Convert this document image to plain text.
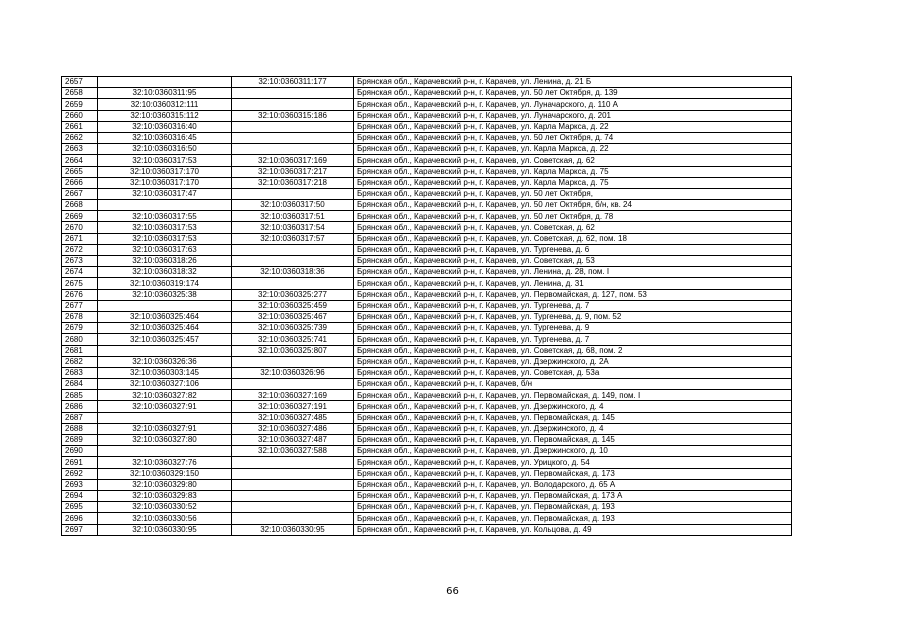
2657		32:10:0360311:177	Брянская обл., Карачевский р-н, г. Карачев, ул. Ленина, д. 21 Б
2658	32:10:0360311:95		Брянская обл., Карачевский р-н, г. Карачев, ул. 50 лет Октября, д. 139
2659	32:10:0360312:111		Брянская обл., Карачевский р-н, г. Карачев, ул. Луначарского, д. 110 А
2660	32:10:0360315:112	32:10:0360315:186	Брянская обл., Карачевский р-н, г. Карачев, ул. Луначарского, д. 201
2661	32:10:0360316:40		Брянская обл., Карачевский р-н, г. Карачев, ул. Карла Маркса, д. 22
2662	32:10:0360316:45		Брянская обл., Карачевский р-н, г. Карачев, ул. 50 лет Октября, д. 74
2663	32:10:0360316:50		Брянская обл., Карачевский р-н, г. Карачев, ул. Карла Маркса, д. 22
2664	32:10:0360317:53	32:10:0360317:169	Брянская обл., Карачевский р-н, г. Карачев, ул. Советская, д. 62
2665	32:10:0360317:170	32:10:0360317:217	Брянская обл., Карачевский р-н, г. Карачев, ул. Карла Маркса, д. 75
2666	32:10:0360317:170	32:10:0360317:218	Брянская обл., Карачевский р-н, г. Карачев, ул. Карла Маркса, д. 75
2667	32:10:0360317:47		Брянская обл., Карачевский р-н, г. Карачев, ул. 50 лет Октября,
2668		32:10:0360317:50	Брянская обл., Карачевский р-н, г. Карачев, ул. 50 лет Октября, б/н, кв. 24
2669	32:10:0360317:55	32:10:0360317:51	Брянская обл., Карачевский р-н, г. Карачев, ул. 50 лет Октября, д. 78
2670	32:10:0360317:53	32:10:0360317:54	Брянская обл., Карачевский р-н, г. Карачев, ул. Советская, д. 62
2671	32:10:0360317:53	32:10:0360317:57	Брянская обл., Карачевский р-н, г. Карачев, ул. Советская, д. 62, пом. 18
2672	32:10:0360317:63		Брянская обл., Карачевский р-н, г. Карачев, ул. Тургенева, д. 6
2673	32:10:0360318:26		Брянская обл., Карачевский р-н, г. Карачев, ул. Советская, д. 53
2674	32:10:0360318:32	32:10:0360318:36	Брянская обл., Карачевский р-н, г. Карачев, ул. Ленина, д. 28, пом. I
2675	32:10:0360319:174		Брянская обл., Карачевский р-н, г. Карачев, ул. Ленина, д. 31
2676	32:10:0360325:38	32:10:0360325:277	Брянская обл., Карачевский р-н, г. Карачев, ул. Первомайская, д. 127, пом. 53
2677		32:10:0360325:459	Брянская обл., Карачевский р-н, г. Карачев, ул. Тургенева, д. 7
2678	32:10:0360325:464	32:10:0360325:467	Брянская обл., Карачевский р-н, г. Карачев, ул. Тургенева, д. 9, пом. 52
2679	32:10:0360325:464	32:10:0360325:739	Брянская обл., Карачевский р-н, г. Карачев, ул. Тургенева, д. 9
2680	32:10:0360325:457	32:10:0360325:741	Брянская обл., Карачевский р-н, г. Карачев, ул. Тургенева, д. 7
2681		32:10:0360325:807	Брянская обл., Карачевский р-н, г. Карачев, ул. Советская, д. 68, пом. 2
2682	32:10:0360326:36		Брянская обл., Карачевский р-н, г. Карачев, ул. Дзержинского, д. 2А
2683	32:10:0360303:145	32:10:0360326:96	Брянская обл., Карачевский р-н, г. Карачев, ул. Советская, д. 53а
2684	32:10:0360327:106		Брянская обл., Карачевский р-н, г. Карачев, б/н
2685	32:10:0360327:82	32:10:0360327:169	Брянская обл., Карачевский р-н, г. Карачев, ул. Первомайская, д. 149, пом. I
2686	32:10:0360327:91	32:10:0360327:191	Брянская обл., Карачевский р-н, г. Карачев, ул. Дзержинского, д. 4
2687		32:10:0360327:485	Брянская обл., Карачевский р-н, г. Карачев, ул. Первомайская, д. 145
2688	32:10:0360327:91	32:10:0360327:486	Брянская обл., Карачевский р-н, г. Карачев, ул. Дзержинского, д. 4
2689	32:10:0360327:80	32:10:0360327:487	Брянская обл., Карачевский р-н, г. Карачев, ул. Первомайская, д. 145
2690		32:10:0360327:588	Брянская обл., Карачевский р-н, г. Карачев, ул. Дзержинского, д. 10
2691	32:10:0360327:76		Брянская обл., Карачевский р-н, г. Карачев, ул. Урицкого, д. 54
2692	32:10:0360329:150		Брянская обл., Карачевский р-н, г. Карачев, ул. Первомайская, д. 173
2693	32:10:0360329:80		Брянская обл., Карачевский р-н, г. Карачев, ул. Володарского, д. 65 А
2694	32:10:0360329:83		Брянская обл., Карачевский р-н, г. Карачев, ул. Первомайская, д. 173 А
2695	32:10:0360330:52		Брянская обл., Карачевский р-н, г. Карачев, ул. Первомайская, д. 193
2696	32:10:0360330:56		Брянская обл., Карачевский р-н, г. Карачев, ул. Первомайская, д. 193
2697	32:10:0360330:95	32:10:0360330:95	Брянская обл., Карачевский р-н, г. Карачев, ул. Кольцова, д. 49
66
